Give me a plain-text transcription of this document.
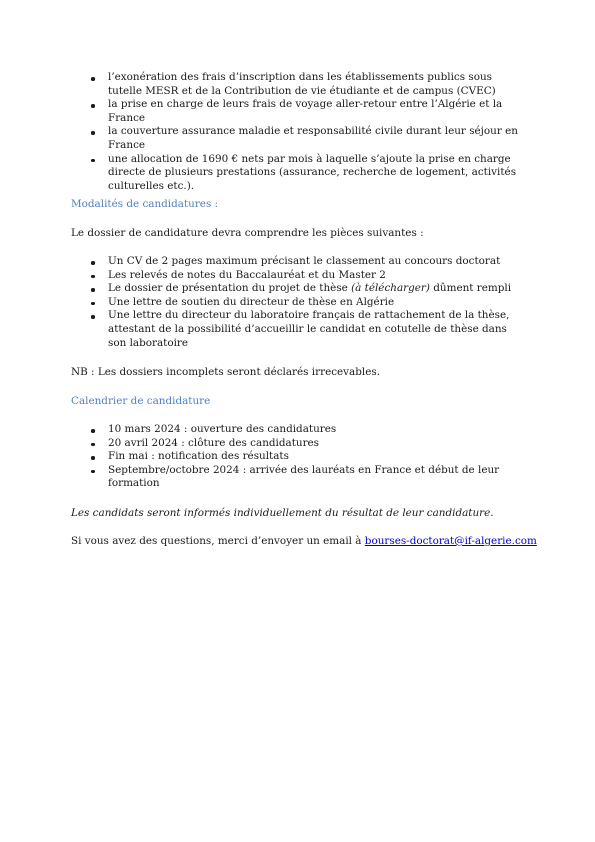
l’exonération des frais d’inscription dans les établissements publics sous tutelle MESR et de la Contribution de vie étudiante et de campus (CVEC)
la prise en charge de leurs frais de voyage aller-retour entre l’Algérie et la France
la couverture assurance maladie et responsabilité civile durant leur séjour en France
une allocation de 1690 € nets par mois à laquelle s’ajoute la prise en charge directe de plusieurs prestations (assurance, recherche de logement, activités culturelles etc.).
Modalités de candidatures :

Le dossier de candidature devra comprendre les pièces suivantes :

Un CV de 2 pages maximum précisant le classement au concours doctorat
Les relevés de notes du Baccalauréat et du Master 2
Le dossier de présentation du projet de thèse (à télécharger) dûment rempli
Une lettre de soutien du directeur de thèse en Algérie
Une lettre du directeur du laboratoire français de rattachement de la thèse, attestant de la possibilité d’accueillir le candidat en cotutelle de thèse dans son laboratoire

NB : Les dossiers incomplets seront déclarés irrecevables.

Calendrier de candidature
10 mars 2024 : ouverture des candidatures
20 avril 2024 : clôture des candidatures
Fin mai : notification des résultats
Septembre/octobre 2024 : arrivée des lauréats en France et début de leur formation

Les candidats seront informés individuellement du résultat de leur candidature.

Si vous avez des questions, merci d’envoyer un email à bourses-doctorat@if-algerie.com
